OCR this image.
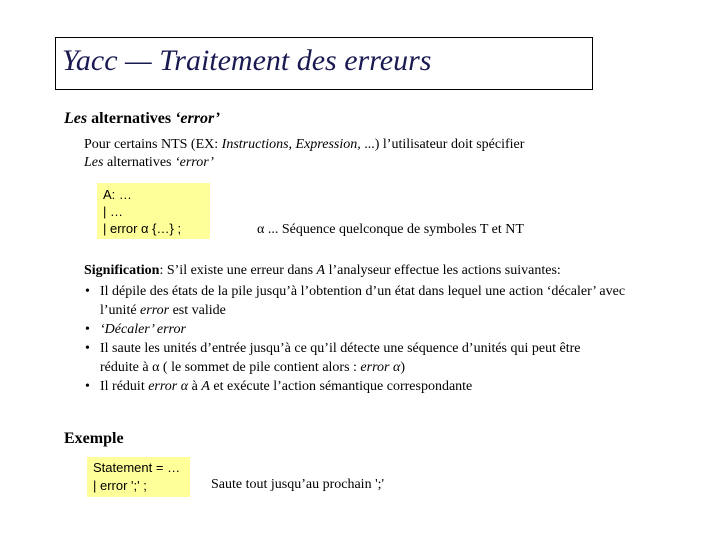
Yacc — Traitement des erreurs
Les alternatives ‘error’
Pour certains NTS (EX: Instructions, Expression, ...) l’utilisateur doit spécifier
Les alternatives ‘error’
A: …
| …
| error α {…} ;	α ... Séquence quelconque de symboles T et NT
Signification: S’il existe une erreur dans A l’analyseur effectue les actions suivantes:
• Il dépile des états de la pile jusqu’à l’obtention d’un état dans lequel une action ‘décaler’ avec
l’unité error est valide
• ‘Décaler’ error
• Il saute les unités d’entrée jusqu’à ce qu’il détecte une séquence d’unités qui peut être
réduite à α ( le sommet de pile contient alors : error α)
• Il réduit error α à A et exécute l’action sémantique correspondante
Exemple
Statement = …
| error ';' ;	Saute tout jusqu’au prochain ';'
